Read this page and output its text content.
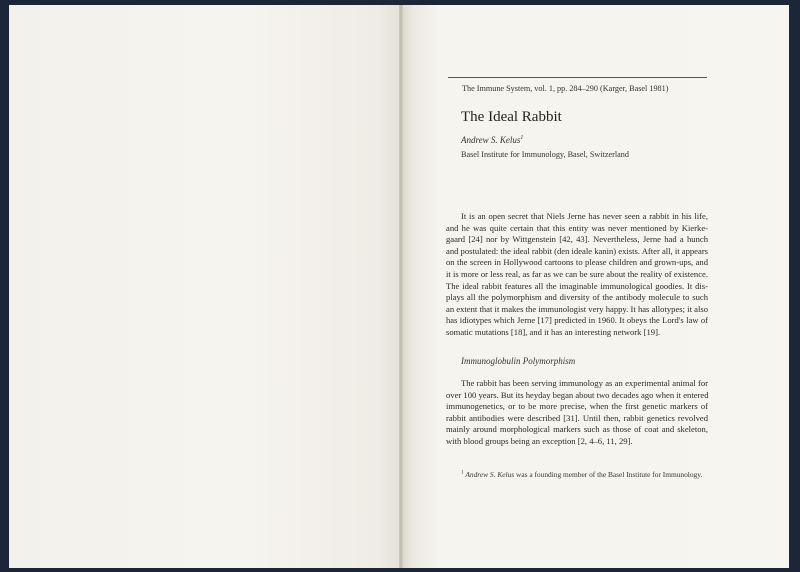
The Immune System, vol. 1, pp. 284–290 (Karger, Basel 1981)
The Ideal Rabbit
Andrew S. Kelus$^1$
Basel Institute for Immunology, Basel, Switzerland
It is an open secret that Niels Jerne has never seen a rabbit in his life,
and he was quite certain that this entity was never mentioned by Kierke-
gaard [24] nor by Wittgenstein [42, 43]. Nevertheless, Jerne had a hunch
and postulated: the ideal rabbit (den ideale kanin) exists. After all, it appears
on the screen in Hollywood cartoons to please children and grown-ups, and
it is more or less real, as far as we can be sure about the reality of existence.
The ideal rabbit features all the imaginable immunological goodies. It dis-
plays all the polymorphism and diversity of the antibody molecule to such
an extent that it makes the immunologist very happy. It has allotypes; it also
has idiotypes which Jerne [17] predicted in 1960. It obeys the Lord's law of
somatic mutations [18], and it has an interesting network [19].
Immunoglobulin Polymorphism
The rabbit has been serving immunology as an experimental animal for
over 100 years. But its heyday began about two decades ago when it entered
immunogenetics, or to be more precise, when the first genetic markers of
rabbit antibodies were described [31]. Until then, rabbit genetics revolved
mainly around morphological markers such as those of coat and skeleton,
with blood groups being an exception [2, 4–6, 11, 29].
$^1$ Andrew S. Kelus was a founding member of the Basel Institute for Immunology.
